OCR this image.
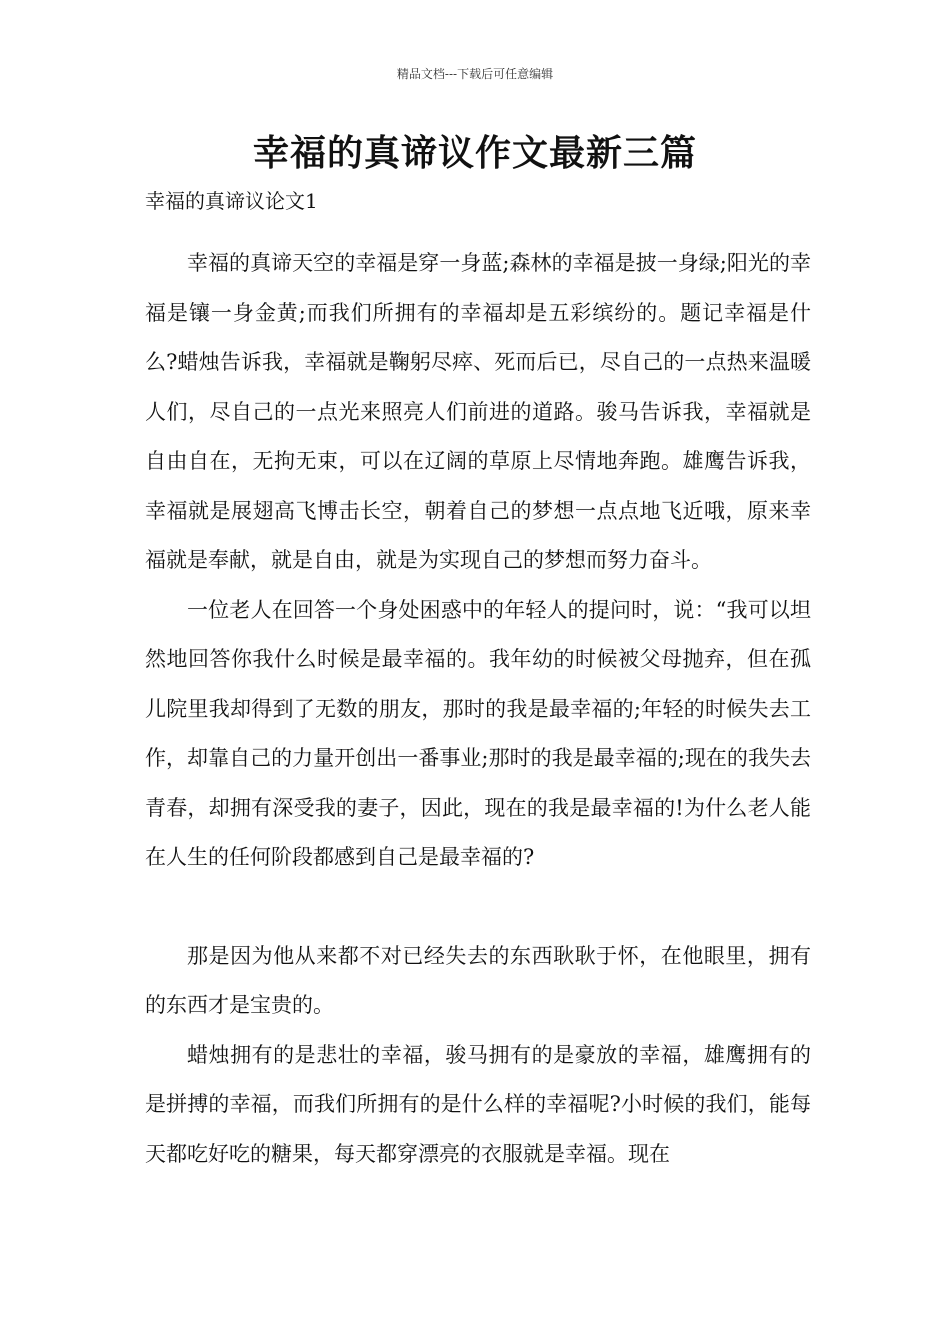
精品文档---下载后可任意编辑
幸福的真谛议作文最新三篇
幸福的真谛议论文1

幸福的真谛天空的幸福是穿一身蓝;森林的幸福是披一身绿;阳光的幸福是镶一身金黄;而我们所拥有的幸福却是五彩缤纷的。题记幸福是什么?蜡烛告诉我，幸福就是鞠躬尽瘁、死而后已，尽自己的一点热来温暖人们，尽自己的一点光来照亮人们前进的道路。骏马告诉我，幸福就是自由自在，无拘无束，可以在辽阔的草原上尽情地奔跑。雄鹰告诉我，幸福就是展翅高飞博击长空，朝着自己的梦想一点点地飞近哦，原来幸福就是奉献，就是自由，就是为实现自己的梦想而努力奋斗。

一位老人在回答一个身处困惑中的年轻人的提问时，说：“我可以坦然地回答你我什么时候是最幸福的。我年幼的时候被父母抛弃，但在孤儿院里我却得到了无数的朋友，那时的我是最幸福的;年轻的时候失去工作，却靠自己的力量开创出一番事业;那时的我是最幸福的;现在的我失去青春，却拥有深受我的妻子，因此，现在的我是最幸福的!为什么老人能在人生的任何阶段都感到自己是最幸福的?

那是因为他从来都不对已经失去的东西耿耿于怀，在他眼里，拥有的东西才是宝贵的。

蜡烛拥有的是悲壮的幸福，骏马拥有的是豪放的幸福，雄鹰拥有的是拼搏的幸福，而我们所拥有的是什么样的幸福呢?小时候的我们，能每天都吃好吃的糖果，每天都穿漂亮的衣服就是幸福。现在
